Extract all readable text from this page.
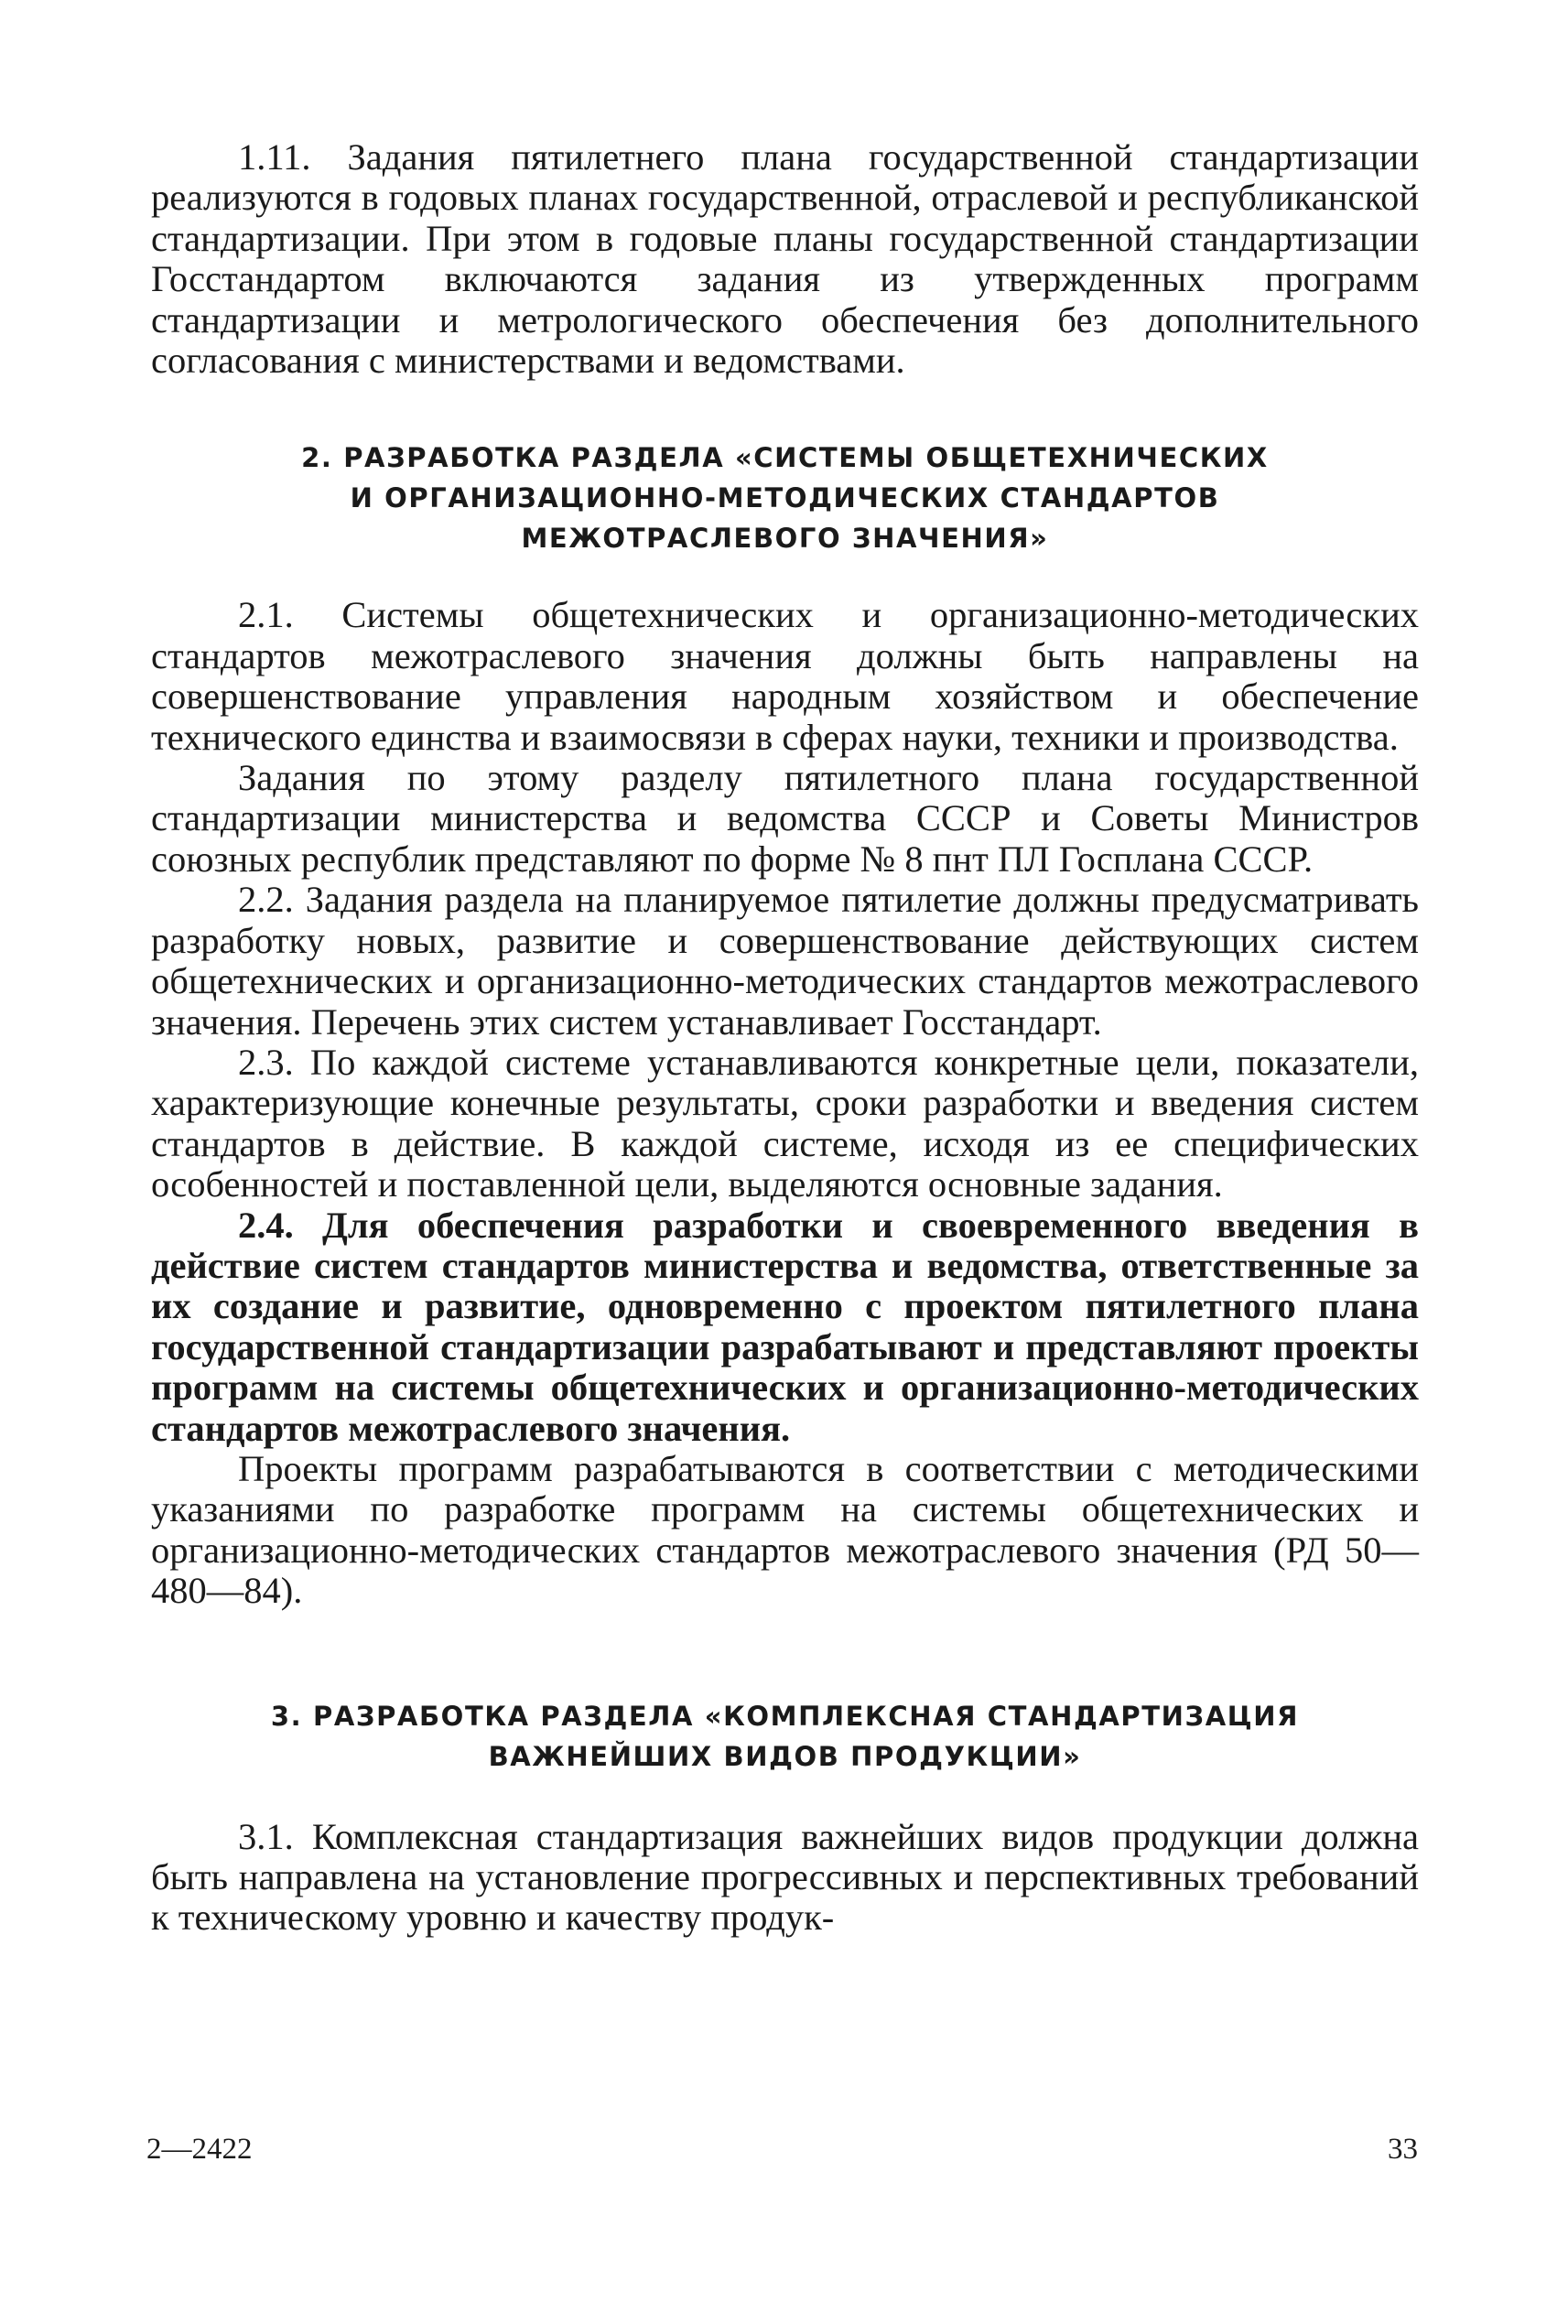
1.11. Задания пятилетнего плана государственной стандартизации реализуются в годовых планах государственной, отраслевой и республиканской стандартизации. При этом в годовые планы государственной стандартизации Госстандартом включаются задания из утвержденных программ стандартизации и метрологического обеспечения без дополнительного согласования с министерствами и ведомствами.

2. РАЗРАБОТКА РАЗДЕЛА «СИСТЕМЫ ОБЩЕТЕХНИЧЕСКИХ
И ОРГАНИЗАЦИОННО-МЕТОДИЧЕСКИХ СТАНДАРТОВ
МЕЖОТРАСЛЕВОГО ЗНАЧЕНИЯ»

2.1. Системы общетехнических и организационно-методических стандартов межотраслевого значения должны быть направлены на совершенствование управления народным хозяйством и обеспечение технического единства и взаимосвязи в сферах науки, техники и производства.

Задания по этому разделу пятилетного плана государственной стандартизации министерства и ведомства СССР и Советы Министров союзных республик представляют по форме № 8 пнт ПЛ Госплана СССР.

2.2. Задания раздела на планируемое пятилетие должны предусматривать разработку новых, развитие и совершенствование действующих систем общетехнических и организационно-методических стандартов межотраслевого значения. Перечень этих систем устанавливает Госстандарт.

2.3. По каждой системе устанавливаются конкретные цели, показатели, характеризующие конечные результаты, сроки разработки и введения систем стандартов в действие. В каждой системе, исходя из ее специфических особенностей и поставленной цели, выделяются основные задания.

2.4. Для обеспечения разработки и своевременного введения в действие систем стандартов министерства и ведомства, ответственные за их создание и развитие, одновременно с проектом пятилетного плана государственной стандартизации разрабатывают и представляют проекты программ на системы общетехнических и организационно-методических стандартов межотраслевого значения.

Проекты программ разрабатываются в соответствии с методическими указаниями по разработке программ на системы общетехнических и организационно-методических стандартов межотраслевого значения (РД 50—480—84).

3. РАЗРАБОТКА РАЗДЕЛА «КОМПЛЕКСНАЯ СТАНДАРТИЗАЦИЯ
ВАЖНЕЙШИХ ВИДОВ ПРОДУКЦИИ»

3.1. Комплексная стандартизация важнейших видов продукции должна быть направлена на установление прогрессивных и перспективных требований к техническому уровню и качеству продук-

2—2422	33
